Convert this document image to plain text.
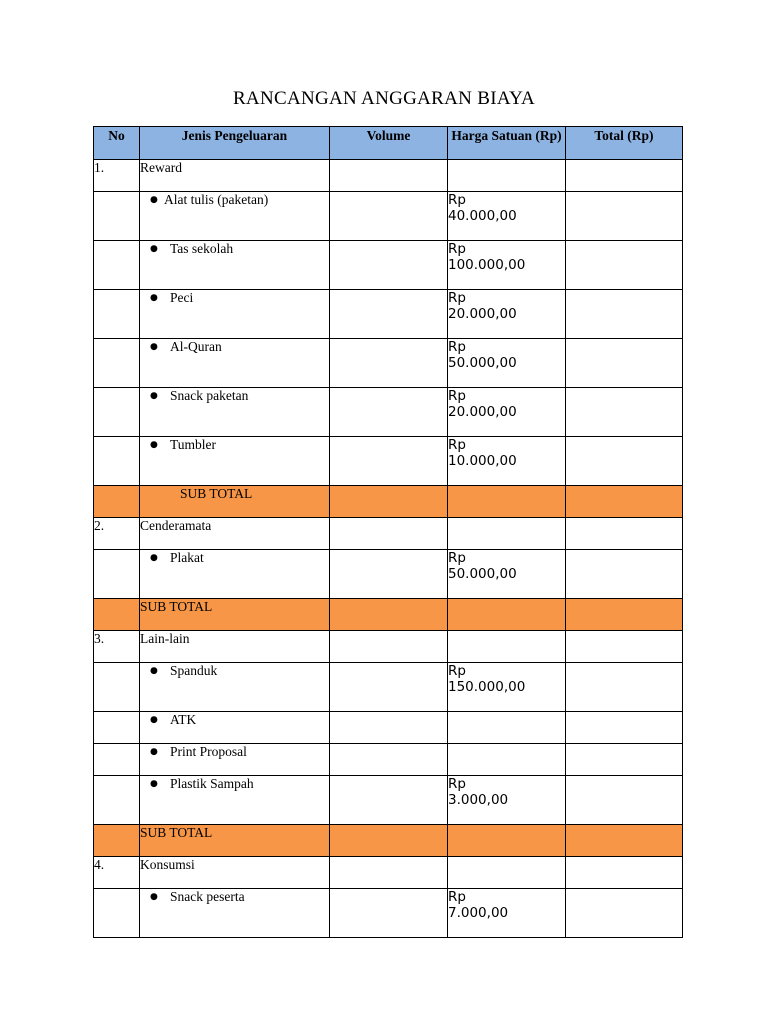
RANCANGAN ANGGARAN BIAYA
No	Jenis Pengeluaran	Volume	Harga Satuan (Rp)	Total (Rp)
1.	Reward			
	● Alat tulis (paketan)		Rp
40.000,00	

	● Tas sekolah		Rp
100.000,00	

	● Peci		Rp
20.000,00	

	● Al-Quran		Rp
50.000,00	

	● Snack paketan		Rp
20.000,00	

	● Tumbler		Rp
10.000,00	

	SUB TOTAL			
2.	Cenderamata			
	● Plakat		Rp
50.000,00	

	SUB TOTAL			
3.	Lain-lain			
	● Spanduk		Rp
150.000,00	

	● ATK			
	● Print Proposal			
	● Plastik Sampah		Rp
3.000,00	

	SUB TOTAL			
4.	Konsumsi			
	● Snack peserta		Rp
7.000,00	
